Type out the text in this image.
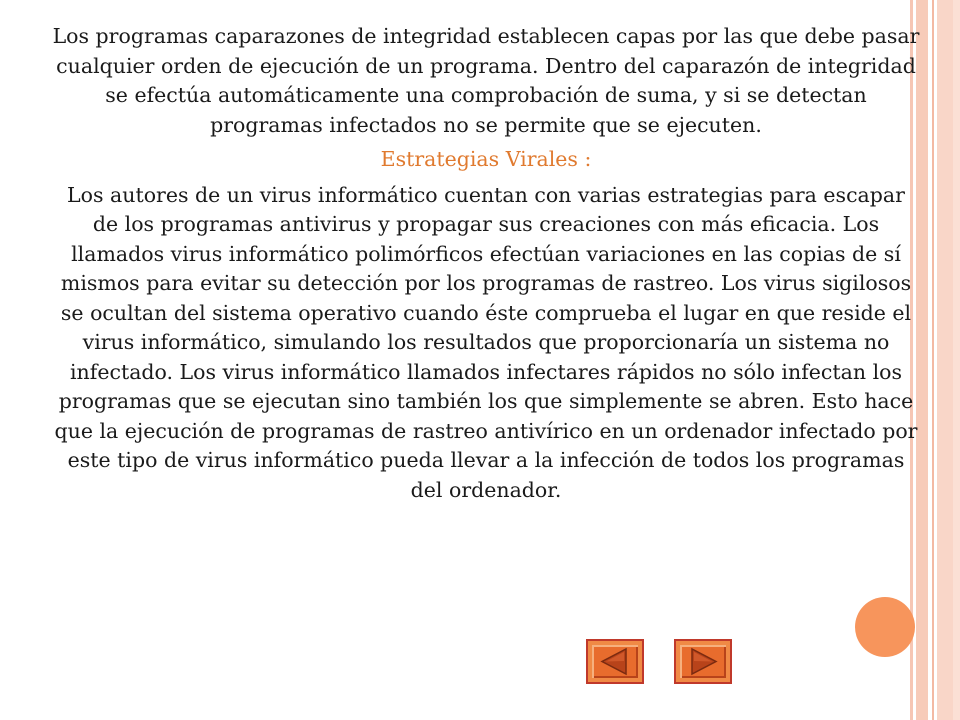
Los programas caparazones de integridad establecen capas por las que debe pasar cualquier orden de ejecución de un programa. Dentro del caparazón de integridad se efectúa automáticamente una comprobación de suma, y si se detectan programas infectados no se permite que se ejecuten.

Estrategias Virales :

Los autores de un virus informático cuentan con varias estrategias para escapar de los programas antivirus y propagar sus creaciones con más eficacia. Los llamados virus informático polimórficos efectúan variaciones en las copias de sí mismos para evitar su detección por los programas de rastreo. Los virus sigilosos se ocultan del sistema operativo cuando éste comprueba el lugar en que reside el virus informático, simulando los resultados que proporcionaría un sistema no infectado. Los virus informático llamados infectares rápidos no sólo infectan los programas que se ejecutan sino también los que simplemente se abren. Esto hace que la ejecución de programas de rastreo antivírico en un ordenador infectado por este tipo de virus informático pueda llevar a la infección de todos los programas del ordenador.
